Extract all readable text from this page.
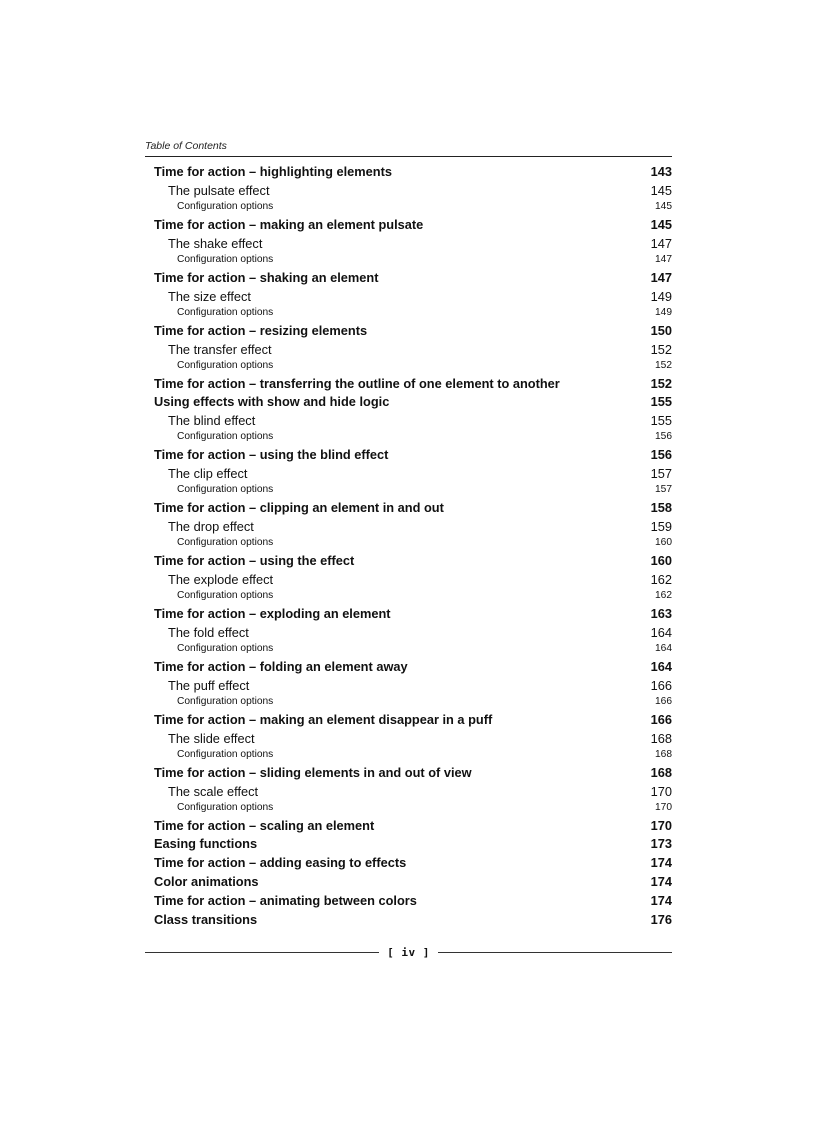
Table of Contents
Time for action – highlighting elements	143
The pulsate effect	145
Configuration options	145
Time for action – making an element pulsate	145
The shake effect	147
Configuration options	147
Time for action – shaking an element	147
The size effect	149
Configuration options	149
Time for action – resizing elements	150
The transfer effect	152
Configuration options	152
Time for action – transferring the outline of one element to another	152
Using effects with show and hide logic	155
The blind effect	155
Configuration options	156
Time for action – using the blind effect	156
The clip effect	157
Configuration options	157
Time for action – clipping an element in and out	158
The drop effect	159
Configuration options	160
Time for action – using the effect	160
The explode effect	162
Configuration options	162
Time for action – exploding an element	163
The fold effect	164
Configuration options	164
Time for action – folding an element away	164
The puff effect	166
Configuration options	166
Time for action – making an element disappear in a puff	166
The slide effect	168
Configuration options	168
Time for action – sliding elements in and out of view	168
The scale effect	170
Configuration options	170
Time for action – scaling an element	170
Easing functions	173
Time for action – adding easing to effects	174
Color animations	174
Time for action – animating between colors	174
Class transitions	176
[ iv ]
